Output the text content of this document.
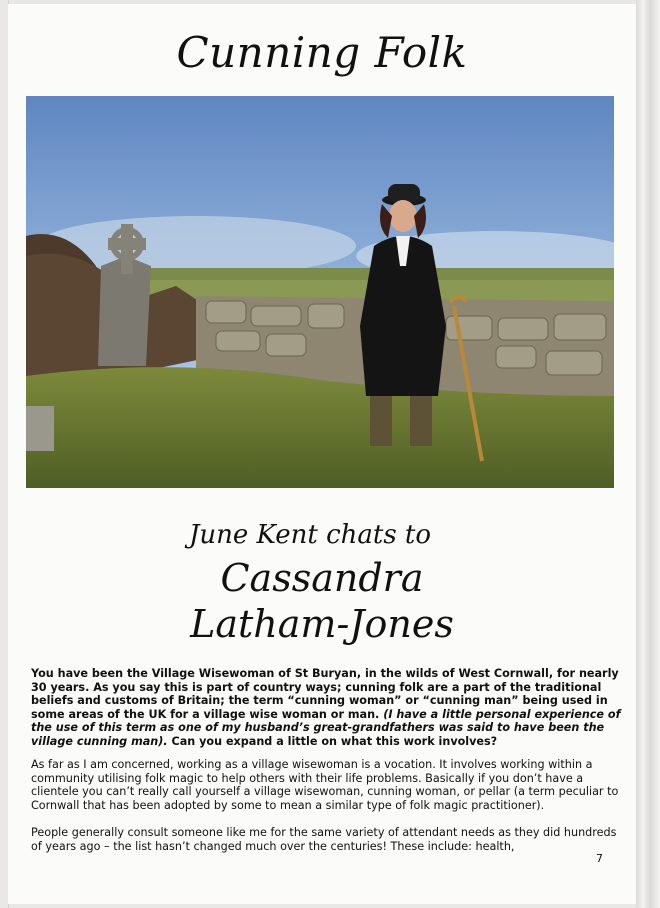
Cunning Folk
June Kent chats to
Cassandra
Latham-Jones
You have been the Village Wisewoman of St Buryan, in the wilds of West Cornwall, for nearly 30 years. As you say this is part of country ways; cunning folk are a part of the traditional beliefs and customs of Britain; the term “cunning woman” or “cunning man” being used in some areas of the UK for a village wise woman or man. (I have a little personal experience of the use of this term as one of my husband’s great-grandfathers was said to have been the village cunning man). Can you expand a little on what this work involves?
As far as I am concerned, working as a village wisewoman is a vocation. It involves working within a community utilising folk magic to help others with their life problems. Basically if you don’t have a clientele you can’t really call yourself a village wisewoman, cunning woman, or pellar (a term peculiar to Cornwall that has been adopted by some to mean a similar type of folk magic practitioner).
People generally consult someone like me for the same variety of attendant needs as they did hundreds of years ago – the list hasn’t changed much over the centuries! These include: health,
7
